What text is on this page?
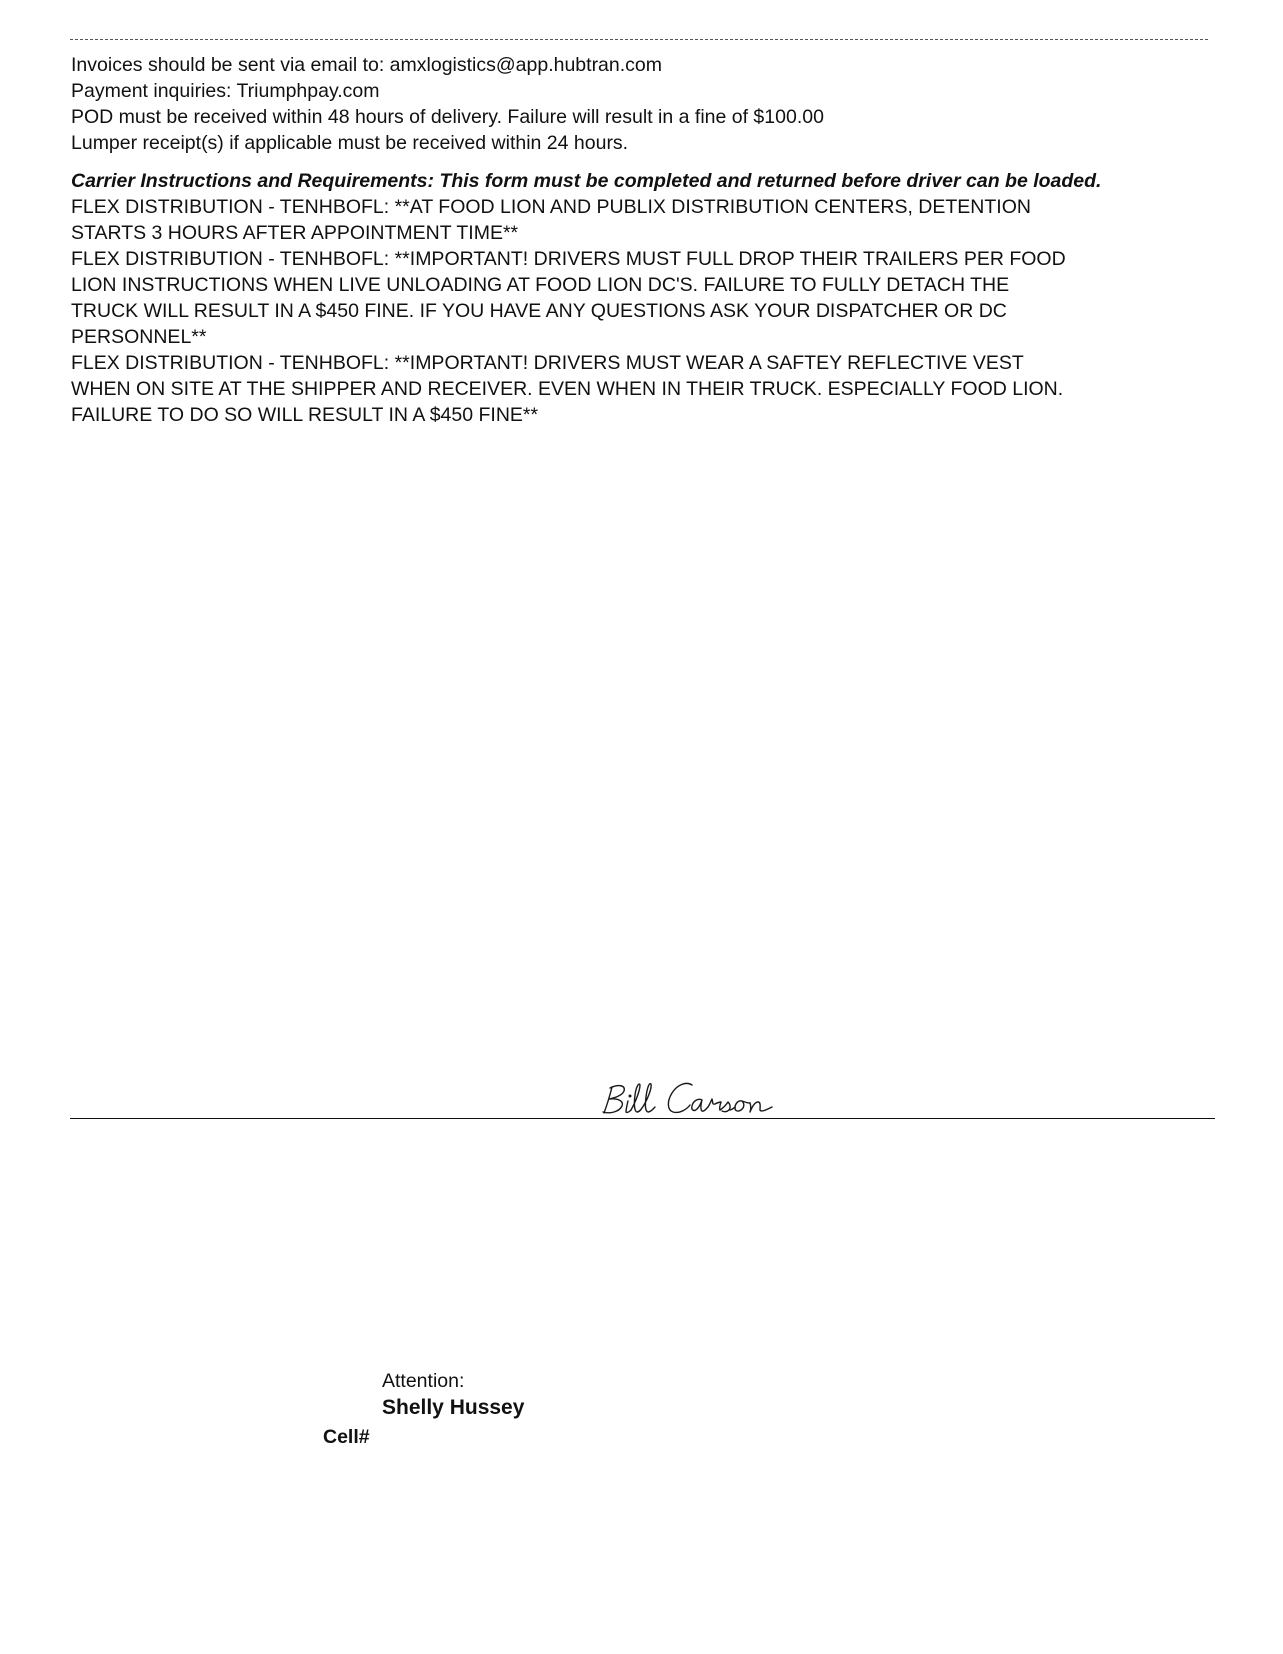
Invoices should be sent via email to: amxlogistics@app.hubtran.com
Payment inquiries: Triumphpay.com
POD must be received within 48 hours of delivery. Failure will result in a fine of $100.00
Lumper receipt(s) if applicable must be received within 24 hours.
Carrier Instructions and Requirements: This form must be completed and returned before driver can be loaded.
FLEX DISTRIBUTION - TENHBOFL: **AT FOOD LION AND PUBLIX DISTRIBUTION CENTERS, DETENTION
STARTS 3 HOURS AFTER APPOINTMENT TIME**
FLEX DISTRIBUTION - TENHBOFL: **IMPORTANT! DRIVERS MUST FULL DROP THEIR TRAILERS PER FOOD
LION INSTRUCTIONS WHEN LIVE UNLOADING AT FOOD LION DC'S. FAILURE TO FULLY DETACH THE
TRUCK WILL RESULT IN A $450 FINE. IF YOU HAVE ANY QUESTIONS ASK YOUR DISPATCHER OR DC
PERSONNEL**
FLEX DISTRIBUTION - TENHBOFL: **IMPORTANT! DRIVERS MUST WEAR A SAFTEY REFLECTIVE VEST
WHEN ON SITE AT THE SHIPPER AND RECEIVER. EVEN WHEN IN THEIR TRUCK. ESPECIALLY FOOD LION.
FAILURE TO DO SO WILL RESULT IN A $450 FINE**
Attention:
Shelly Hussey
Cell#
